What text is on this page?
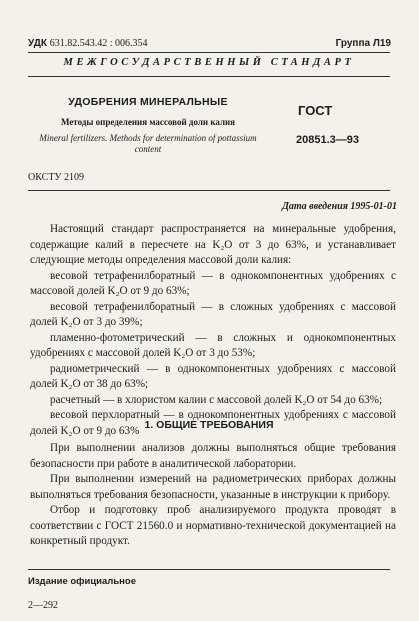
УДК 631.82.543.42 : 006.354	Группа Л19
МЕЖГОСУДАРСТВЕННЫЙ СТАНДАРТ
УДОБРЕНИЯ МИНЕРАЛЬНЫЕ
Методы определения массовой доли калия
Mineral fertilizers. Methods for determination of pottassium content
ГОСТ
20851.3—93
ОКСТУ 2109
Дата введения 1995-01-01

Настоящий стандарт распространяется на минеральные удобрения, содержащие калий в пересчете на K₂O от 3 до 63%, и устанавливает следующие методы определения массовой доли калия:

весовой тетрафенилборатный — в однокомпонентных удобрениях с массовой долей K₂O от 9 до 63%;

весовой тетрафенилборатный — в сложных удобрениях с массовой долей K₂O от 3 до 39%;

пламенно-фотометрический — в сложных и однокомпонентных удобрениях с массовой долей K₂O от 3 до 53%;

радиометрический — в однокомпонентных удобрениях с массовой долей K₂O от 38 до 63%;

расчетный — в хлористом калии с массовой долей K₂O от 54 до 63%;

весовой перхлоратный — в однокомпонентных удобрениях с массовой долей K₂O от 9 до 63% 1. ОБЩИЕ ТРЕБОВАНИЯ

При выполнении анализов должны выполняться общие требования безопасности при работе в аналитической лаборатории.

При выполнении измерений на радиометрических приборах должны выполняться требования безопасности, указанные в инструкции к прибору.

Отбор и подготовку проб анализируемого продукта проводят в соответствии с ГОСТ 21560.0 и нормативно-технической документацией на конкретный продукт.

Издание официальное
2—292
